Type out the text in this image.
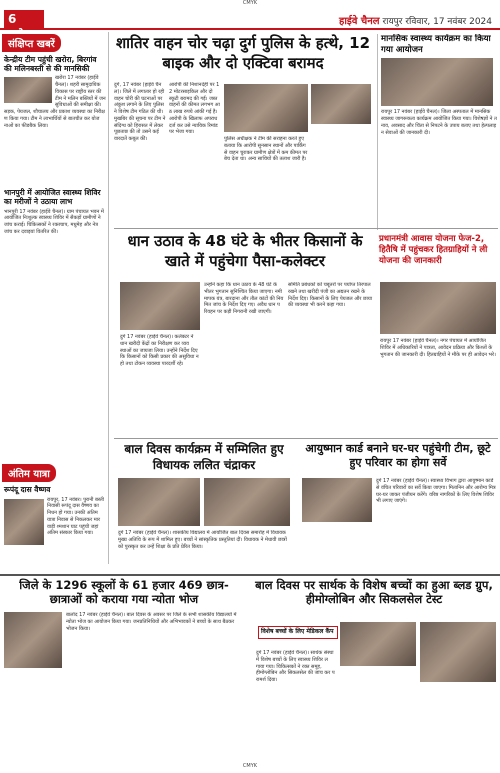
CMYK
6	हाईवे चैनल रायपुर रविवार, 17 नवंबर 2024
संक्षिप्त खबरें
केन्द्रीय टीम पहुंची खरोरा, बिरगांव की मलिनबस्ती से की मानसिकी
खरोरा 17 नवंबर (हाईवे चैनल)। शहरी सामुदायिक विकास पर राष्ट्रीय स्तर की टीम ने मलिन बस्तियों में जन सुविधाओं की समीक्षा की। सड़क, पेयजल, शौचालय और प्रकाश व्यवस्था का निरीक्षण किया गया। टीम ने लाभार्थियों से बातचीत कर योजनाओं का फीडबैक लिया।
भानपुरी में आयोजित स्वास्थ्य शिविर का मरीजों ने उठाया लाभ
भानपुरी 17 नवंबर (हाईवे चैनल)। ग्राम पंचायत भवन में आयोजित निःशुल्क स्वास्थ्य शिविर में सैकड़ों ग्रामीणों ने जांच कराई। चिकित्सकों ने रक्तचाप, मधुमेह और नेत्र जांच कर दवाइयां वितरित कीं।
अंतिम यात्रा
रूपंदू दास वैष्णव
रायपुर, 17 नवंबर। पुरानी बस्ती निवासी रूपंदू दास वैष्णव का निधन हो गया। उनकी अंतिम यात्रा निवास से निकलकर मारवाड़ी श्मशान घाट पहुंची जहां अंतिम संस्कार किया गया।
शातिर वाहन चोर चढ़ा दुर्ग पुलिस के हत्थे, 12 बाइक और दो एक्टिवा बरामद
दुर्ग, 17 नवंबर (हाईवे चैनल)। जिले में लगातार हो रही वाहन चोरी की घटनाओं पर अंकुश लगाने के लिए पुलिस ने विशेष टीम गठित की थी। मुखबिर की सूचना पर टीम ने संदिग्ध को हिरासत में लेकर पूछताछ की तो उसने कई वारदातें कबूल कीं।
आरोपी की निशानदेही पर 12 मोटरसाइकिल और दो स्कूटी बरामद की गईं। जब्त वाहनों की कीमत लगभग आठ लाख रुपये आंकी गई है। आरोपी के खिलाफ अपराध दर्ज कर उसे न्यायिक रिमांड पर भेजा गया।
पुलिस अधीक्षक ने टीम की सराहना करते हुए बताया कि आरोपी सुनसान स्थानों और पार्किंग से वाहन चुराकर ग्रामीण क्षेत्रों में कम कीमत पर बेच देता था। अन्य साथियों की तलाश जारी है।
मानसिक स्वास्थ्य कार्यक्रम का किया गया आयोजन
रायपुर 17 नवंबर (हाईवे चैनल)। जिला अस्पताल में मानसिक स्वास्थ्य जागरूकता कार्यक्रम आयोजित किया गया। विशेषज्ञों ने तनाव, अवसाद और चिंता से निपटने के उपाय बताए तथा हेल्पलाइन सेवाओं की जानकारी दी।
धान उठाव के 48 घंटे के भीतर किसानों के खाते में पहुंचेगा पैसा-कलेक्टर
दुर्ग 17 नवंबर (हाईवे चैनल)। कलेक्टर ने धान खरीदी केंद्रों का निरीक्षण कर व्यवस्थाओं का जायजा लिया। उन्होंने निर्देश दिए कि किसानों को किसी प्रकार की असुविधा न हो तथा टोकन व्यवस्था पारदर्शी रहे।
उन्होंने कहा कि धान उठाव के 48 घंटे के भीतर भुगतान सुनिश्चित किया जाएगा। नमी मापक यंत्र, बारदाना और तौल कांटों की नियमित जांच के निर्देश दिए गए। अवैध धान परिवहन पर कड़ी निगरानी रखी जाएगी।
समिति प्रबंधकों को चबूतरों पर पर्याप्त तिरपाल रखने तथा खरीदी पंजी का अद्यतन रखने के निर्देश दिए। किसानों के लिए पेयजल और छाया की व्यवस्था भी करने कहा गया।
प्रधानमंत्री आवास योजना फेज-2, हितैषि में पहुंचकर हितग्राहियों ने ली योजना की जानकारी
रायपुर 17 नवंबर (हाईवे चैनल)। नगर पंचायत में आयोजित शिविर में अधिकारियों ने पात्रता, आवेदन प्रक्रिया और किश्तों के भुगतान की जानकारी दी। हितग्राहियों ने मौके पर ही आवेदन भरे।
बाल दिवस कार्यक्रम में सम्मिलित हुए विधायक ललित चंद्राकर
दुर्ग 17 नवंबर (हाईवे चैनल)। शासकीय विद्यालय में आयोजित बाल दिवस समारोह में विधायक मुख्य अतिथि के रूप में शामिल हुए। बच्चों ने सांस्कृतिक प्रस्तुतियां दीं। विधायक ने मेधावी छात्रों को पुरस्कृत कर उन्हें शिक्षा के प्रति प्रेरित किया।
आयुष्मान कार्ड बनाने घर-घर पहुंचेगी टीम, छूटे हुए परिवार का होगा सर्वे
दुर्ग 17 नवंबर (हाईवे चैनल)। स्वास्थ्य विभाग द्वारा आयुष्मान कार्ड से वंचित परिवारों का सर्वे किया जाएगा। मितानिन और आरोग्य मित्र घर-घर जाकर पंजीयन करेंगे। वरिष्ठ नागरिकों के लिए विशेष शिविर भी लगाए जाएंगे।
जिले के 1296 स्कूलों के 61 हजार 469 छात्र-छात्राओं को कराया गया न्योता भोज
बालोद 17 नवंबर (हाईवे चैनल)। बाल दिवस के अवसर पर जिले के सभी शासकीय विद्यालयों में न्योता भोज का आयोजन किया गया। जनप्रतिनिधियों और अभिभावकों ने बच्चों के साथ बैठकर भोजन किया।
बाल दिवस पर सार्थक के विशेष बच्चों का हुआ ब्लड ग्रुप, हीमोग्लोबिन और सिकलसेल टेस्ट
विशेष बच्चों के लिए मेडिकल कैंप
दुर्ग 17 नवंबर (हाईवे चैनल)। सार्थक संस्था में विशेष बच्चों के लिए स्वास्थ्य शिविर लगाया गया। चिकित्सकों ने रक्त समूह, हीमोग्लोबिन और सिकलसेल की जांच कर परामर्श दिया।
CMYK
